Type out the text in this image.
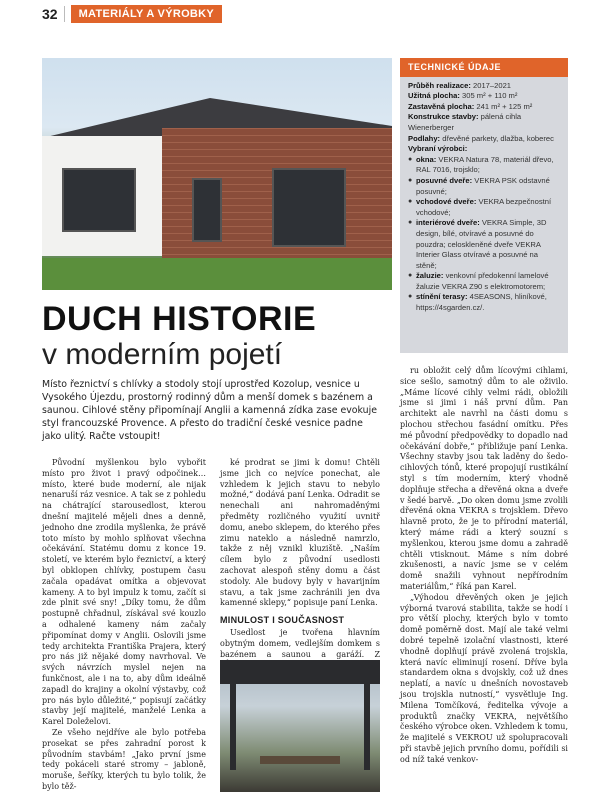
32	MATERIÁLY A VÝROBKY
TECHNICKÉ ÚDAJE
Průběh realizace: 2017–2021
Užitná plocha: 305 m² + 110 m²
Zastavěná plocha: 241 m² + 125 m²
Konstrukce stavby: pálená cihla Wienerberger
Podlahy: dřevěné parkety, dlažba, koberec
Vybraní výrobci:
● okna: VEKRA Natura 78, materiál dřevo, RAL 7016, trojsklo;
● posuvné dveře: VEKRA PSK odstavné posuvné;
● vchodové dveře: VEKRA bezpečnostní vchodové;
● interiérové dveře: VEKRA Simple, 3D design, bílé, otvíravé a posuvné do pouzdra; celoskleněné dveře VEKRA Interier Glass otvíravé a posuvné na stěně;
● žaluzie: venkovní předokenní lamelové žaluzie VEKRA Z90 s elektromotorem;
● stínění terasy: 4SEASONS, hliníkové, https://4sgarden.cz/.
DUCH HISTORIE
v moderním pojetí
Místo řeznictví s chlívky a stodoly stojí uprostřed Kozolup, vesnice u Vysokého Újezdu, prostorný rodinný dům a menší domek s bazénem a saunou. Cihlové stěny připomínají Anglii a kamenná zídka zase evokuje styl francouzské Provence. A přesto do tradiční české vesnice padne jako ulitý. Račte vstoupit!

Původní myšlenkou bylo vybořit místo pro život i pravý odpočinek… místo, které bude moderní, ale nijak nenaruší ráz vesnice. A tak se z pohledu na chátrající starousedlost, kterou dnešní majitelé mějeli dnes a denně, jednoho dne zrodila myšlenka, že právě toto místo by mohlo splňovat všechna očekávání. Statému domu z konce 19. století, ve kterém bylo řeznictví, a který byl obklopen chlívky, postupem času začala opadávat omítka a objevovat kameny. A to byl impulz k tomu, začít si zde plnit své sny! „Díky tomu, že dům postupně chřadnul, získával své kouzlo a odhalené kameny nám začaly připomínat domy v Anglii. Oslovili jsme tedy architekta Františka Prajera, který pro nás již nějaké domy navrhoval. Ve svých návrzích myslel nejen na funkčnost, ale i na to, aby dům ideálně zapadl do krajiny a okolní výstavby, což pro nás bylo důležité,“ popisují začátky stavby její majitelé, manželé Lenka a Karel Doleželovi.

Ze všeho nejdříve ale bylo potřeba prosekat se přes zahradní porost k původním stavbám! „Jako první jsme tedy pokáceli staré stromy – jabloně, moruše, šeříky, kterých tu bylo tolik, že bylo těž-

ké prodrat se jimi k domu! Chtěli jsme jich co nejvíce ponechat, ale vzhledem k jejich stavu to nebylo možné,“ dodává paní Lenka. Odradit se nenechali ani nahromaděnými předměty rozličného využití uvnitř domu, anebo sklepem, do kterého přes zimu nateklo a následně namrzlo, takže z něj vznikl kluziště. „Naším cílem bylo z původní usedlosti zachovat alespoň stěny domu a část stodoly. Ale budovy byly v havarijním stavu, a tak jsme zachránili jen dva kamenné sklepy,“ popisuje paní Lenka.

MINULOST I SOUČASNOST

Usedlost je tvořena hlavním obytným domem, vedlejším domkem s bazénem a saunou a garáží. Z

ru obložit celý dům lícovými cihlami, sice sešlo, samotný dům to ale oživilo. „Máme lícové cihly velmi rádi, obložili jsme si jimi i náš první dům. Pan architekt ale navrhl na části domu s plochou střechou fasádní omítku. Přes mé původní předpovědky to dopadlo nad očekávání dobře,“ přibližuje paní Lenka. Všechny stavby jsou tak laděny do šedo-cihlových tónů, které propojují rustikální styl s tím moderním, který vhodně doplňuje střecha a dřevěná okna a dveře v šedé barvě. „Do oken domu jsme zvolili dřevěná okna VEKRA s trojsklem. Dřevo hlavně proto, že je to přírodní materiál, který máme rádi a který souzní s myšlenkou, kterou jsme domu a zahradě chtěli vtisknout. Máme s ním dobré zkušenosti, a navíc jsme se v celém domě snažili vyhnout nepřírodním materiálům,“ říká pan Karel.

„Výhodou dřevěných oken je jejich výborná tvarová stabilita, takže se hodí i pro větší plochy, kterých bylo v tomto domě poměrně dost. Mají ale také velmi dobré tepelně izolační vlastnosti, které vhodně doplňují právě zvolená trojskla, která navíc eliminují rosení. Dříve byla standardem okna s dvojskly, což už dnes neplatí, a navíc u dnešních novostaveb jsou trojskla nutností,“ vysvětluje Ing. Milena Tomčíková, ředitelka vývoje a produktů značky VEKRA, největšího českého výrobce oken. Vzhledem k tomu, že majitelé s VEKROU už spolupracovali při stavbě jejich prvního domu, pořídili si od níž také venkov-
